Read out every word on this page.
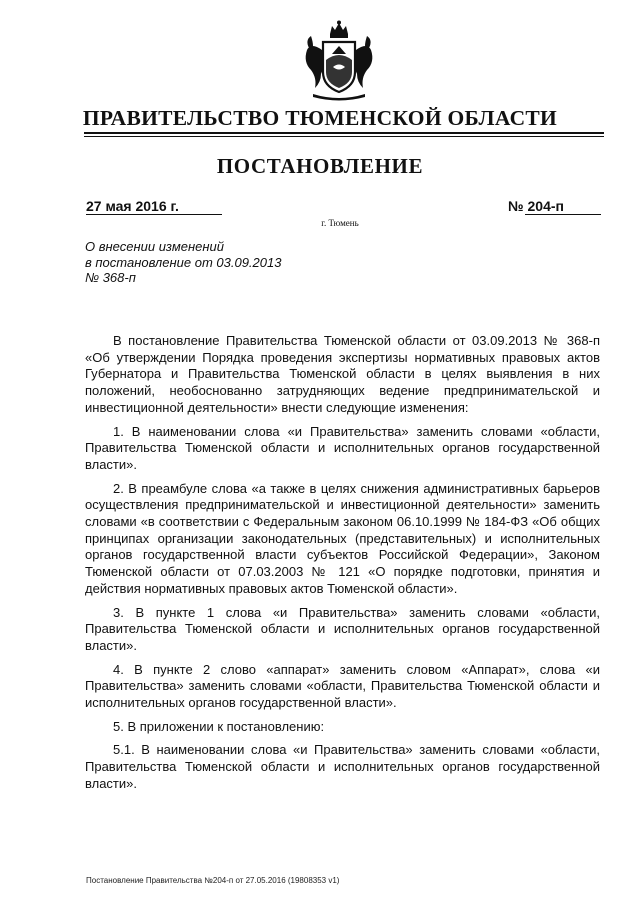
ПРАВИТЕЛЬСТВО ТЮМЕНСКОЙ ОБЛАСТИ
ПОСТАНОВЛЕНИЕ
27 мая 2016 г.	№ 204-п
г. Тюмень
О внесении изменений
в постановление от 03.09.2013
№ 368-п

В постановление Правительства Тюменской области от 03.09.2013 № 368-п «Об утверждении Порядка проведения экспертизы нормативных правовых актов Губернатора и Правительства Тюменской области в целях выявления в них положений, необоснованно затрудняющих ведение предпринимательской и инвестиционной деятельности» внести следующие изменения:

1. В наименовании слова «и Правительства» заменить словами «области, Правительства Тюменской области и исполнительных органов государственной власти».

2. В преамбуле слова «а также в целях снижения административных барьеров осуществления предпринимательской и инвестиционной деятельности» заменить словами «в соответствии с Федеральным законом 06.10.1999 № 184-ФЗ «Об общих принципах организации законодательных (представительных) и исполнительных органов государственной власти субъектов Российской Федерации», Законом Тюменской области от 07.03.2003 № 121 «О порядке подготовки, принятия и действия нормативных правовых актов Тюменской области».

3. В пункте 1 слова «и Правительства» заменить словами «области, Правительства Тюменской области и исполнительных органов государственной власти».

4. В пункте 2 слово «аппарат» заменить словом «Аппарат», слова «и Правительства» заменить словами «области, Правительства Тюменской области и исполнительных органов государственной власти».

5. В приложении к постановлению:

5.1. В наименовании слова «и Правительства» заменить словами «области, Правительства Тюменской области и исполнительных органов государственной власти».

Постановление Правительства №204-п от 27.05.2016 (19808353 v1)
